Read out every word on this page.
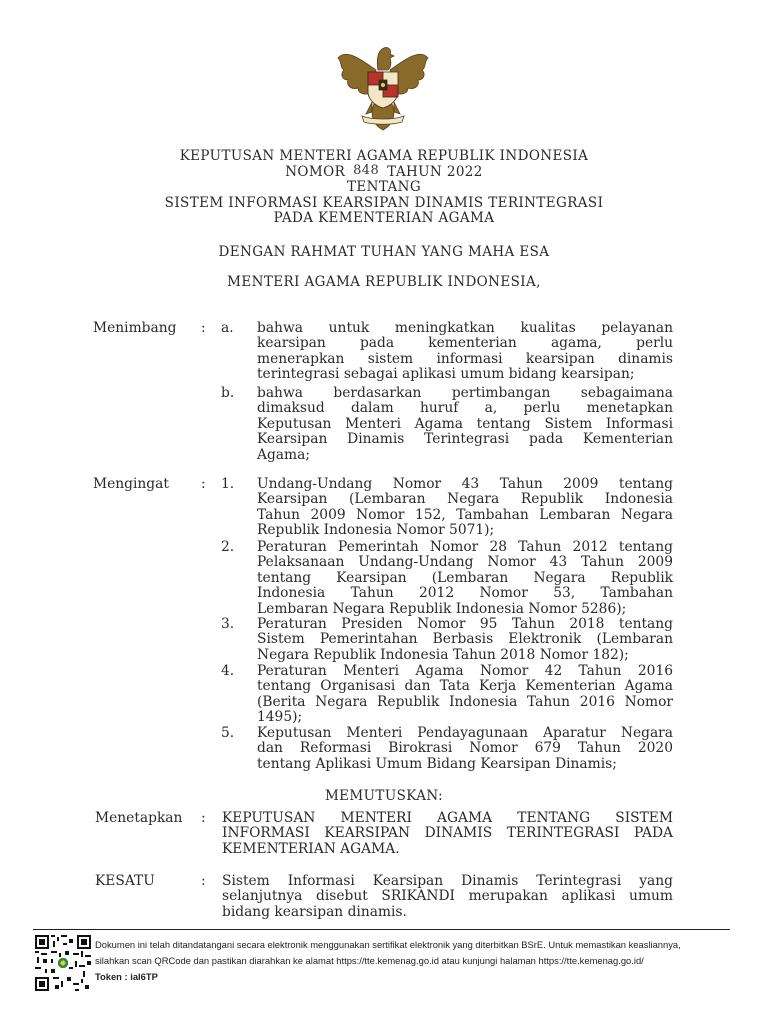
KEPUTUSAN MENTERI AGAMA REPUBLIK INDONESIA
NOMOR 848 TAHUN 2022
TENTANG
SISTEM INFORMASI KEARSIPAN DINAMIS TERINTEGRASI
PADA KEMENTERIAN AGAMA
DENGAN RAHMAT TUHAN YANG MAHA ESA
MENTERI AGAMA REPUBLIK INDONESIA,
Menimbang : a. bahwa untuk meningkatkan kualitas pelayanan
kearsipan pada kementerian agama, perlu
menerapkan sistem informasi kearsipan dinamis
terintegrasi sebagai aplikasi umum bidang kearsipan;
b. bahwa berdasarkan pertimbangan sebagaimana
dimaksud dalam huruf a, perlu menetapkan
Keputusan Menteri Agama tentang Sistem Informasi
Kearsipan Dinamis Terintegrasi pada Kementerian
Agama;
Mengingat : 1. Undang-Undang Nomor 43 Tahun 2009 tentang
Kearsipan (Lembaran Negara Republik Indonesia
Tahun 2009 Nomor 152, Tambahan Lembaran Negara
Republik Indonesia Nomor 5071);
2. Peraturan Pemerintah Nomor 28 Tahun 2012 tentang
Pelaksanaan Undang-Undang Nomor 43 Tahun 2009
tentang Kearsipan (Lembaran Negara Republik
Indonesia Tahun 2012 Nomor 53, Tambahan
Lembaran Negara Republik Indonesia Nomor 5286);
3. Peraturan Presiden Nomor 95 Tahun 2018 tentang
Sistem Pemerintahan Berbasis Elektronik (Lembaran
Negara Republik Indonesia Tahun 2018 Nomor 182);
4. Peraturan Menteri Agama Nomor 42 Tahun 2016
tentang Organisasi dan Tata Kerja Kementerian Agama
(Berita Negara Republik Indonesia Tahun 2016 Nomor
1495);
5. Keputusan Menteri Pendayagunaan Aparatur Negara
dan Reformasi Birokrasi Nomor 679 Tahun 2020
tentang Aplikasi Umum Bidang Kearsipan Dinamis;
MEMUTUSKAN:
Menetapkan : KEPUTUSAN MENTERI AGAMA TENTANG SISTEM
INFORMASI KEARSIPAN DINAMIS TERINTEGRASI PADA
KEMENTERIAN AGAMA.
KESATU	: Sistem Informasi Kearsipan Dinamis Terintegrasi yang
selanjutnya disebut SRIKANDI merupakan aplikasi umum
bidang kearsipan dinamis.
Dokumen ini telah ditandatangani secara elektronik menggunakan sertifikat elektronik yang diterbitkan BSrE. Untuk memastikan keasliannya,
silahkan scan QRCode dan pastikan diarahkan ke alamat https://tte.kemenag.go.id atau kunjungi halaman https://tte.kemenag.go.id/
Token : ial6TP
